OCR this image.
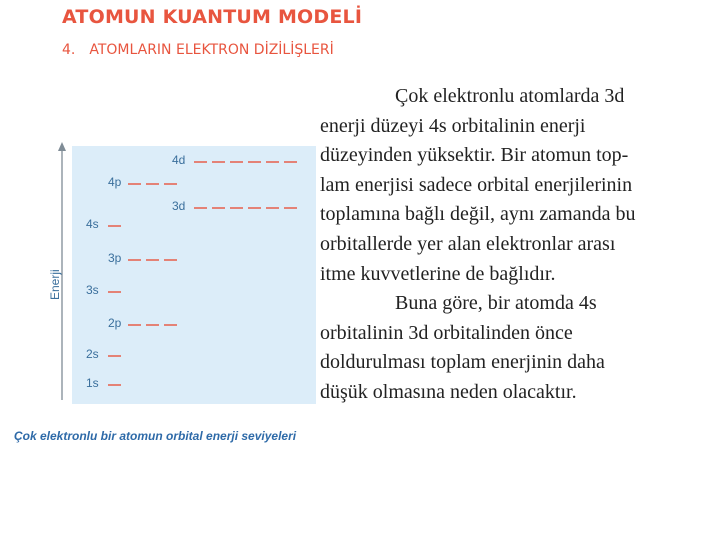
ATOMUN KUANTUM MODELİ
4. ATOMLARIN ELEKTRON DİZİLİŞLERİ
Enerji
4d
4p
3d
4s
3p
3s
2p
2s
1s
Çok elektronlu bir atomun orbital enerji seviyeleri

Çok elektronlu atomlarda 3d
enerji düzeyi 4s orbitalinin enerji
düzeyinden yüksektir. Bir atomun top-
lam enerjisi sadece orbital enerjilerinin
toplamına bağlı değil, aynı zamanda bu
orbitallerde yer alan elektronlar arası
itme kuvvetlerine de bağlıdır.

Buna göre, bir atomda 4s
orbitalinin 3d orbitalinden önce
doldurulması toplam enerjinin daha
düşük olmasına neden olacaktır.
